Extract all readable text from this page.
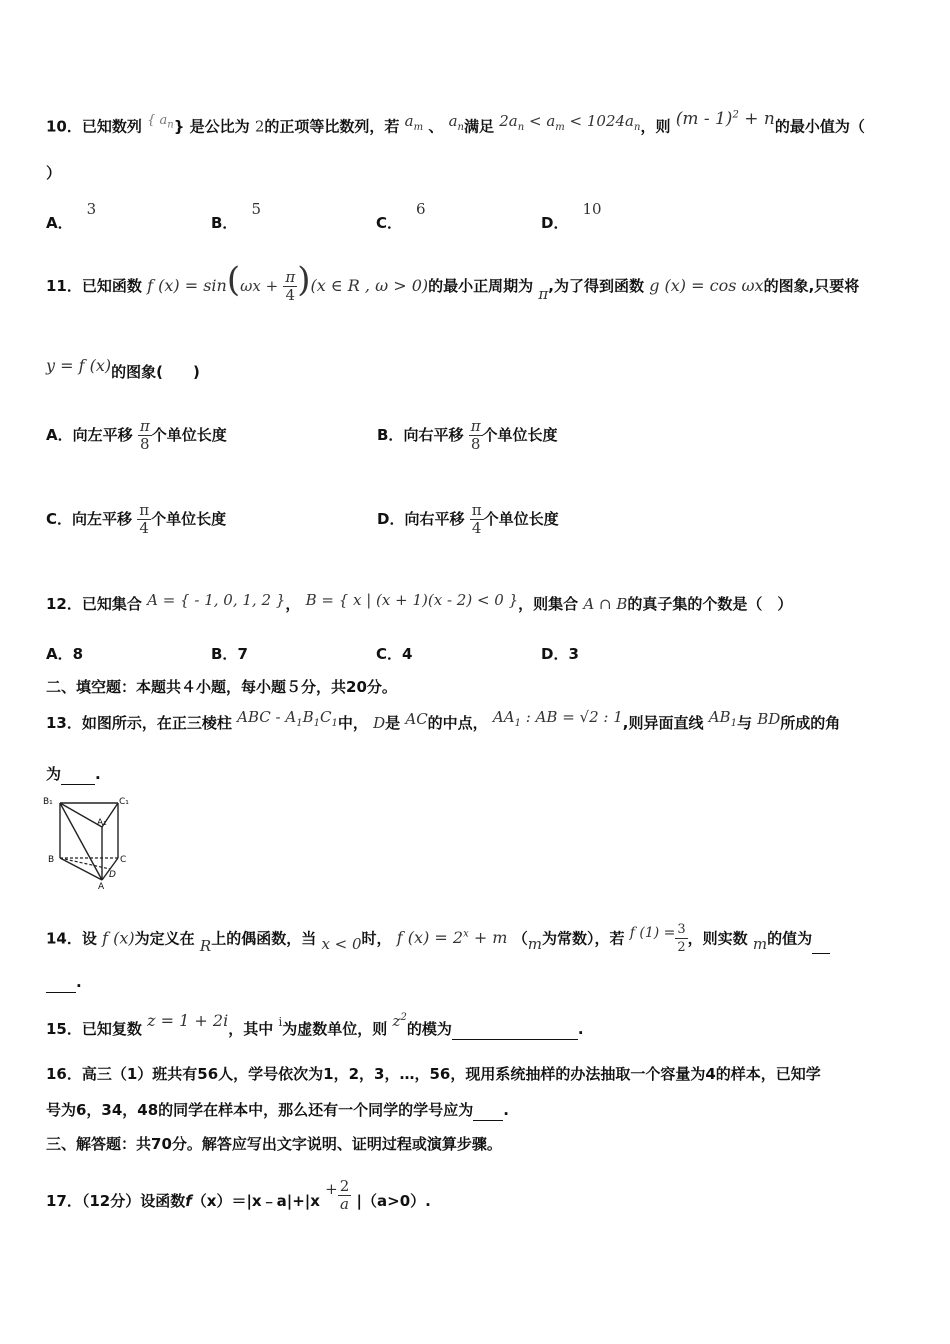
10．已知数列 { $a_n$} 是公比为 2的正项等比数列，若 $a_m$ 、 $a_n$满足 $2a_n < a_m < 1024a_n$，则 (m - 1)$^2$ + n的最小值为（
）
A．3
B．5
C．6
D．10
11．已知函数 f $(x) = \sin(\omega x + \frac{\pi}{4} )(x$ ∈ R , ω > 0)的最小正周期为 π,为了得到函数 g (x) = cos ωx的图象,只要将
y = f (x)的图象(　　)
A．向左平移 $\frac{\pi}{8}$ 个单位长度	B．向右平移 $\frac{\pi}{8}$ 个单位长度
C．向左平移 $\frac{\pi}{4}$ 个单位长度	D．向右平移 $\frac{\pi}{4}$ 个单位长度
12．已知集合 A = { - 1, 0, 1, 2 }， B = { x | (x + 1)(x - 2) < 0 }，则集合 A ∩ B的真子集的个数是（　）
A．8	B．7	C．4	D．3
二、填空题：本题共４小题，每小题５分，共20分。
13．如图所示，在正三棱柱 ABC - $A_1B_1C_1$中， D是 AC的中点， $AA_1$ : AB = √2 : 1,则异面直线 $AB_1$与 BD所成的角
为 .
B₁	C₁
A₁
B	C
D
A
14．设 f (x)为定义在 R上的偶函数，当 x < 0时， f $(x) = 2^x + m$ （m为常数），若 f $(1) = \frac{3}{2}$ ，则实数 m的值为
.
15．已知复数 z = 1 + 2i，其中 $^i$为虚数单位，则 $z^2$的模为	.
16．高三（1）班共有56人，学号依次为1，2，3，…，56，现用系统抽样的办法抽取一个容量为4的样本，已知学
号为6，34，48的同学在样本中，那么还有一个同学的学号应为 .
三、解答题：共70分。解答应写出文字说明、证明过程或演算步骤。
17．（12分）设函数f（x）＝|x﹣a|+|x + $\frac{2}{a} |(a>0)$.
